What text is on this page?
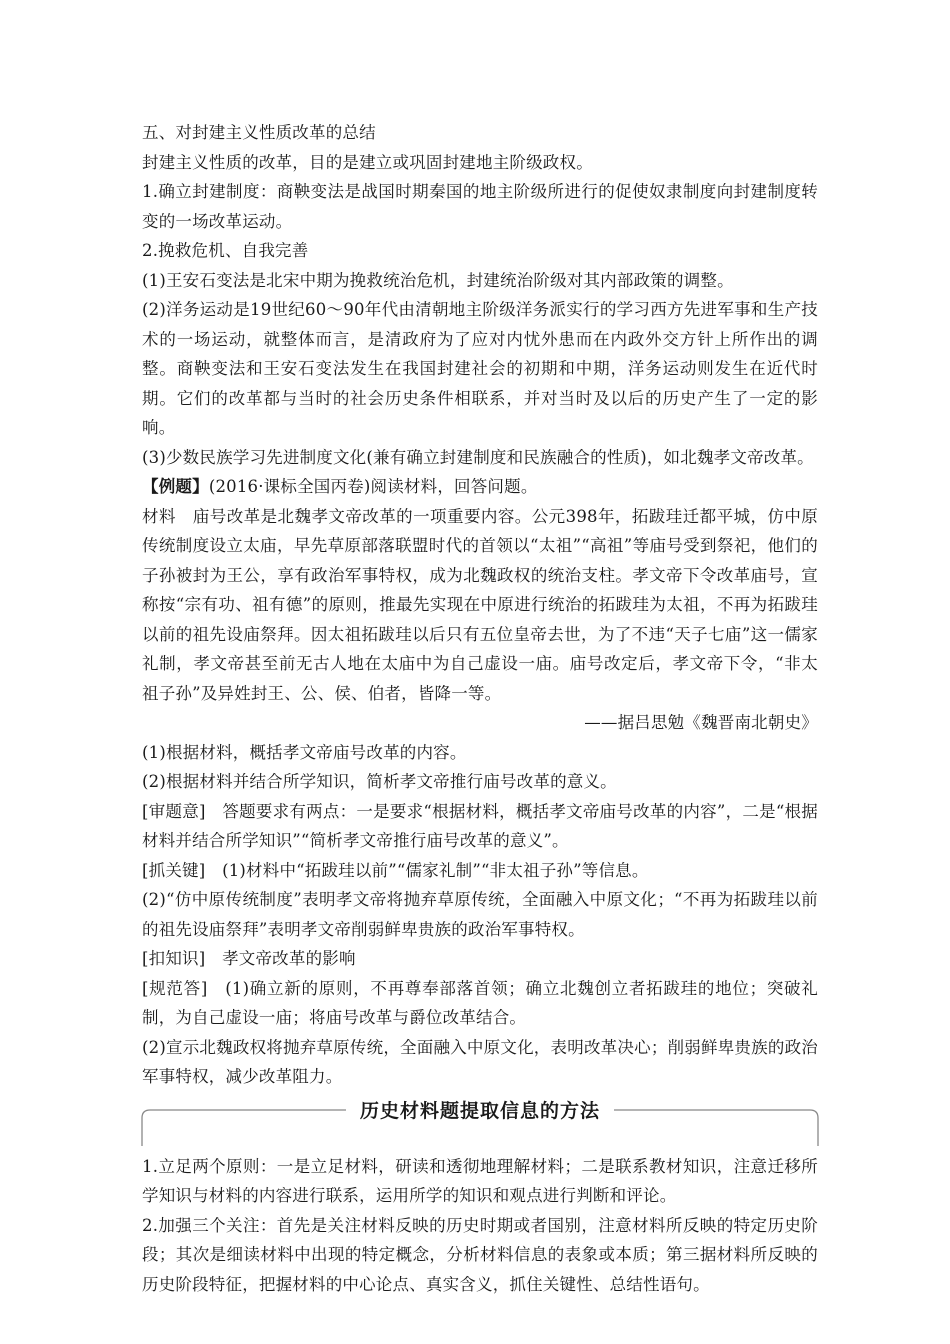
五、对封建主义性质改革的总结

封建主义性质的改革，目的是建立或巩固封建地主阶级政权。

1.确立封建制度：商鞅变法是战国时期秦国的地主阶级所进行的促使奴隶制度向封建制度转变的一场改革运动。

2.挽救危机、自我完善

(1)王安石变法是北宋中期为挽救统治危机，封建统治阶级对其内部政策的调整。

(2)洋务运动是19世纪60～90年代由清朝地主阶级洋务派实行的学习西方先进军事和生产技术的一场运动，就整体而言，是清政府为了应对内忧外患而在内政外交方针上所作出的调整。商鞅变法和王安石变法发生在我国封建社会的初期和中期，洋务运动则发生在近代时期。它们的改革都与当时的社会历史条件相联系，并对当时及以后的历史产生了一定的影响。

(3)少数民族学习先进制度文化(兼有确立封建制度和民族融合的性质)，如北魏孝文帝改革。

【例题】(2016·课标全国丙卷)阅读材料，回答问题。

材料　庙号改革是北魏孝文帝改革的一项重要内容。公元398年，拓跋珪迁都平城，仿中原传统制度设立太庙，早先草原部落联盟时代的首领以“太祖”“高祖”等庙号受到祭祀，他们的子孙被封为王公，享有政治军事特权，成为北魏政权的统治支柱。孝文帝下令改革庙号，宣称按“宗有功、祖有德”的原则，推最先实现在中原进行统治的拓跋珪为太祖，不再为拓跋珪以前的祖先设庙祭拜。因太祖拓跋珪以后只有五位皇帝去世，为了不违“天子七庙”这一儒家礼制，孝文帝甚至前无古人地在太庙中为自己虚设一庙。庙号改定后，孝文帝下令，“非太祖子孙”及异姓封王、公、侯、伯者，皆降一等。

——据吕思勉《魏晋南北朝史》

(1)根据材料，概括孝文帝庙号改革的内容。

(2)根据材料并结合所学知识，简析孝文帝推行庙号改革的意义。

[审题意]　答题要求有两点：一是要求“根据材料，概括孝文帝庙号改革的内容”，二是“根据材料并结合所学知识”“简析孝文帝推行庙号改革的意义”。

[抓关键]　(1)材料中“拓跋珪以前”“儒家礼制”“非太祖子孙”等信息。

(2)“仿中原传统制度”表明孝文帝将抛弃草原传统，全面融入中原文化；“不再为拓跋珪以前的祖先设庙祭拜”表明孝文帝削弱鲜卑贵族的政治军事特权。

[扣知识]　孝文帝改革的影响

[规范答]　(1)确立新的原则，不再尊奉部落首领；确立北魏创立者拓跋珪的地位；突破礼制，为自己虚设一庙；将庙号改革与爵位改革结合。

(2)宣示北魏政权将抛弃草原传统，全面融入中原文化，表明改革决心；削弱鲜卑贵族的政治军事特权，减少改革阻力。

历史材料题提取信息的方法

1.立足两个原则：一是立足材料，研读和透彻地理解材料；二是联系教材知识，注意迁移所学知识与材料的内容进行联系，运用所学的知识和观点进行判断和评论。

2.加强三个关注：首先是关注材料反映的历史时期或者国别，注意材料所反映的特定历史阶段；其次是细读材料中出现的特定概念，分析材料信息的表象或本质；第三据材料所反映的历史阶段特征，把握材料的中心论点、真实含义，抓住关键性、总结性语句。
